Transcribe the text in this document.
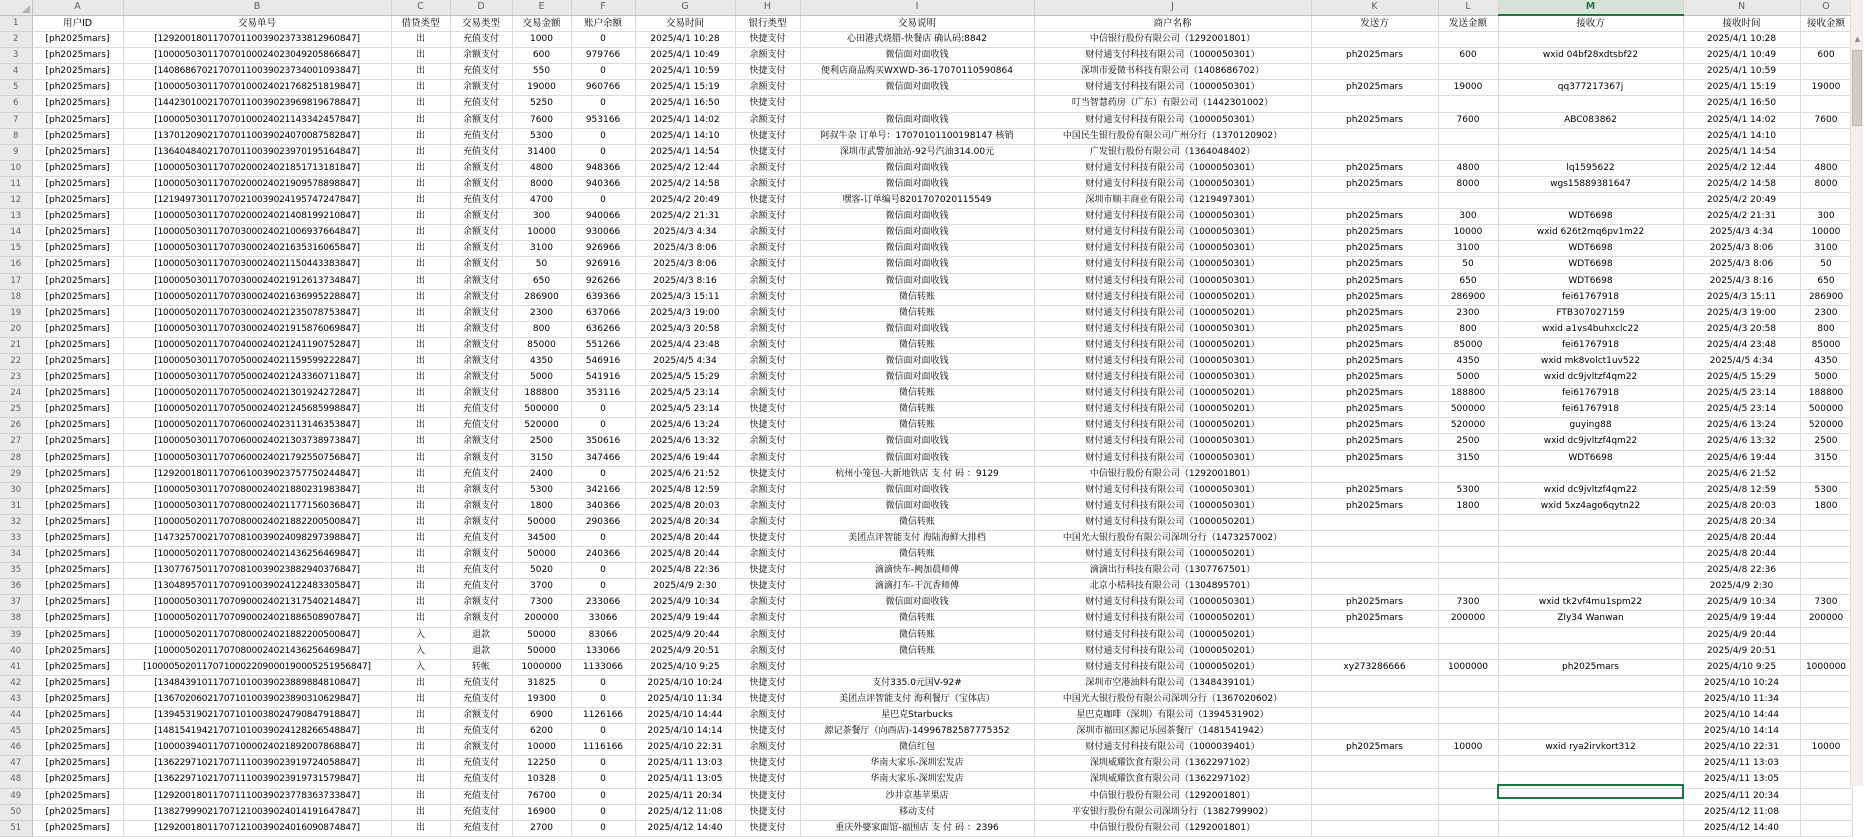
	A	B	C	D	E	F	G	H	I	J	K	L	M	N	O
1	用户ID	交易单号	借贷类型	交易类型	交易金额	账户余额	交易时间	银行类型	交易说明	商户名称	发送方	发送金额	接收方	接收时间	接收金额
2	[ph2025mars]	[129200180117070110039023733812960847]	出	充值支付	1000	0	2025/4/1 10:28	快捷支付	心田港式烧腊-快餐店 确认码:8842	中信银行股份有限公司（1292001801）				2025/4/1 10:28	
3	[ph2025mars]	[100005030117070100024023049205866847]	出	余额支付	600	979766	2025/4/1 10:49	余额支付	微信面对面收钱	财付通支付科技有限公司（1000050301）	ph2025mars	600	wxid 04bf28xdtsbf22	2025/4/1 10:49	600
4	[ph2025mars]	[140868670217070110039023734001093847]	出	充值支付	550	0	2025/4/1 10:59	快捷支付	便利店商品购买WXWD-36-17070110590864	深圳市爱微书科技有限公司（1408686702）				2025/4/1 10:59	
5	[ph2025mars]	[100005030117070100024021768251819847]	出	余额支付	19000	960766	2025/4/1 15:19	余额支付	微信面对面收钱	财付通支付科技有限公司（1000050301）	ph2025mars	19000	qq377217367j	2025/4/1 15:19	19000
6	[ph2025mars]	[144230100217070110039023969819678847]	出	充值支付	5250	0	2025/4/1 16:50	快捷支付		叮当智慧药房（广东）有限公司（1442301002）				2025/4/1 16:50	
7	[ph2025mars]	[100005030117070100024021143342457847]	出	余额支付	7600	953166	2025/4/1 14:02	余额支付	微信面对面收钱	财付通支付科技有限公司（1000050301）	ph2025mars	7600	ABC083862	2025/4/1 14:02	7600
8	[ph2025mars]	[137012090217070110039024070087582847]	出	充值支付	5300	0	2025/4/1 14:10	快捷支付	阿叔牛杂 订单号：17070101100198147 核销	中国民生银行股份有限公司广州分行（1370120902）				2025/4/1 14:10	
9	[ph2025mars]	[136404840217070110039023970195164847]	出	充值支付	31400	0	2025/4/1 14:54	快捷支付	深圳市武警加油站-92号汽油314.00元	广发银行股份有限公司（1364048402）				2025/4/1 14:54	
10	[ph2025mars]	[100005030117070200024021851713181847]	出	余额支付	4800	948366	2025/4/2 12:44	余额支付	微信面对面收钱	财付通支付科技有限公司（1000050301）	ph2025mars	4800	lq1595622	2025/4/2 12:44	4800
11	[ph2025mars]	[100005030117070200024021909578898847]	出	余额支付	8000	940366	2025/4/2 14:58	余额支付	微信面对面收钱	财付通支付科技有限公司（1000050301）	ph2025mars	8000	wgs15889381647	2025/4/2 14:58	8000
12	[ph2025mars]	[121949730117070210039024195747247847]	出	充值支付	4700	0	2025/4/2 20:49	快捷支付	嘿客-订单编号8201707020115549	深圳市顺丰商业有限公司（1219497301）				2025/4/2 20:49	
13	[ph2025mars]	[100005030117070200024021408199210847]	出	余额支付	300	940066	2025/4/2 21:31	余额支付	微信面对面收钱	财付通支付科技有限公司（1000050301）	ph2025mars	300	WDT6698	2025/4/2 21:31	300
14	[ph2025mars]	[100005030117070300024021006937664847]	出	余额支付	10000	930066	2025/4/3 4:34	余额支付	微信面对面收钱	财付通支付科技有限公司（1000050301）	ph2025mars	10000	wxid 626t2mq6pv1m22	2025/4/3 4:34	10000
15	[ph2025mars]	[100005030117070300024021635316065847]	出	余额支付	3100	926966	2025/4/3 8:06	余额支付	微信面对面收钱	财付通支付科技有限公司（1000050301）	ph2025mars	3100	WDT6698	2025/4/3 8:06	3100
16	[ph2025mars]	[100005030117070300024021150443383847]	出	余额支付	50	926916	2025/4/3 8:06	余额支付	微信面对面收钱	财付通支付科技有限公司（1000050301）	ph2025mars	50	WDT6698	2025/4/3 8:06	50
17	[ph2025mars]	[100005030117070300024021912613734847]	出	余额支付	650	926266	2025/4/3 8:16	余额支付	微信面对面收钱	财付通支付科技有限公司（1000050301）	ph2025mars	650	WDT6698	2025/4/3 8:16	650
18	[ph2025mars]	[100005020117070300024021636995228847]	出	余额支付	286900	639366	2025/4/3 15:11	余额支付	微信转账	财付通支付科技有限公司（1000050201）	ph2025mars	286900	fei61767918	2025/4/3 15:11	286900
19	[ph2025mars]	[100005020117070300024021235078753847]	出	余额支付	2300	637066	2025/4/3 19:00	余额支付	微信转账	财付通支付科技有限公司（1000050201）	ph2025mars	2300	FTB307027159	2025/4/3 19:00	2300
20	[ph2025mars]	[100005030117070300024021915876069847]	出	余额支付	800	636266	2025/4/3 20:58	余额支付	微信面对面收钱	财付通支付科技有限公司（1000050301）	ph2025mars	800	wxid a1vs4buhxclc22	2025/4/3 20:58	800
21	[ph2025mars]	[100005020117070400024021241190752847]	出	余额支付	85000	551266	2025/4/4 23:48	余额支付	微信转账	财付通支付科技有限公司（1000050201）	ph2025mars	85000	fei61767918	2025/4/4 23:48	85000
22	[ph2025mars]	[100005030117070500024021159599222847]	出	余额支付	4350	546916	2025/4/5 4:34	余额支付	微信面对面收钱	财付通支付科技有限公司（1000050301）	ph2025mars	4350	wxid mk8volct1uv522	2025/4/5 4:34	4350
23	[ph2025mars]	[100005030117070500024021243360711847]	出	余额支付	5000	541916	2025/4/5 15:29	余额支付	微信面对面收钱	财付通支付科技有限公司（1000050301）	ph2025mars	5000	wxid dc9jvltzf4qm22	2025/4/5 15:29	5000
24	[ph2025mars]	[100005020117070500024021301924272847]	出	余额支付	188800	353116	2025/4/5 23:14	余额支付	微信转账	财付通支付科技有限公司（1000050201）	ph2025mars	188800	fei61767918	2025/4/5 23:14	188800
25	[ph2025mars]	[100005020117070500024021245685998847]	出	充值支付	500000	0	2025/4/5 23:14	快捷支付	微信转账	财付通支付科技有限公司（1000050201）	ph2025mars	500000	fei61767918	2025/4/5 23:14	500000
26	[ph2025mars]	[100005020117070600024023113146353847]	出	充值支付	520000	0	2025/4/6 13:24	快捷支付	微信转账	财付通支付科技有限公司（1000050201）	ph2025mars	520000	guying88	2025/4/6 13:24	520000
27	[ph2025mars]	[100005030117070600024021303738973847]	出	余额支付	2500	350616	2025/4/6 13:32	余额支付	微信面对面收钱	财付通支付科技有限公司（1000050301）	ph2025mars	2500	wxid dc9jvltzf4qm22	2025/4/6 13:32	2500
28	[ph2025mars]	[100005030117070600024021792550756847]	出	余额支付	3150	347466	2025/4/6 19:44	余额支付	微信面对面收钱	财付通支付科技有限公司（1000050301）	ph2025mars	3150	WDT6698	2025/4/6 19:44	3150
29	[ph2025mars]	[129200180117070610039023757750244847]	出	充值支付	2400	0	2025/4/6 21:52	快捷支付	杭州小笼包-大新地铁店 支 付 码 ：9129	中信银行股份有限公司（1292001801）				2025/4/6 21:52	
30	[ph2025mars]	[100005030117070800024021880231983847]	出	余额支付	5300	342166	2025/4/8 12:59	余额支付	微信面对面收钱	财付通支付科技有限公司（1000050301）	ph2025mars	5300	wxid dc9jvltzf4qm22	2025/4/8 12:59	5300
31	[ph2025mars]	[100005030117070800024021177156036847]	出	余额支付	1800	340366	2025/4/8 20:03	余额支付	微信面对面收钱	财付通支付科技有限公司（1000050301）	ph2025mars	1800	wxid 5xz4ago6qytn22	2025/4/8 20:03	1800
32	[ph2025mars]	[100005020117070800024021882200500847]	出	余额支付	50000	290366	2025/4/8 20:34	余额支付	微信转账	财付通支付科技有限公司（1000050201）				2025/4/8 20:34	
33	[ph2025mars]	[147325700217070810039024098297398847]	出	充值支付	34500	0	2025/4/8 20:44	快捷支付	美团点评智能支付 海陆海鲜大排档	中国光大银行股份有限公司深圳分行（1473257002）				2025/4/8 20:44	
34	[ph2025mars]	[100005020117070800024021436256469847]	出	余额支付	50000	240366	2025/4/8 20:44	余额支付	微信转账	财付通支付科技有限公司（1000050201）				2025/4/8 20:44	
35	[ph2025mars]	[130776750117070810039023882940376847]	出	充值支付	5020	0	2025/4/8 22:36	快捷支付	滴滴快车-阙加晨师傅	滴滴出行科技有限公司（1307767501）				2025/4/8 22:36	
36	[ph2025mars]	[130489570117070910039024122483305847]	出	充值支付	3700	0	2025/4/9 2:30	快捷支付	滴滴打车-干沉香师傅	北京小桔科技有限公司（1304895701）				2025/4/9 2:30	
37	[ph2025mars]	[100005030117070900024021317540214847]	出	余额支付	7300	233066	2025/4/9 10:34	余额支付	微信面对面收钱	财付通支付科技有限公司（1000050301）	ph2025mars	7300	wxid tk2vf4mu1spm22	2025/4/9 10:34	7300
38	[ph2025mars]	[100005020117070900024021886508907847]	出	余额支付	200000	33066	2025/4/9 19:44	余额支付	微信转账	财付通支付科技有限公司（1000050201）	ph2025mars	200000	Zly34 Wanwan	2025/4/9 19:44	200000
39	[ph2025mars]	[100005020117070800024021882200500847]	入	退款	50000	83066	2025/4/9 20:44	余额支付	微信转账	财付通支付科技有限公司（1000050201）				2025/4/9 20:44	
40	[ph2025mars]	[100005020117070800024021436256469847]	入	退款	50000	133066	2025/4/9 20:51	余额支付	微信转账	财付通支付科技有限公司（1000050201）				2025/4/9 20:51	
41	[ph2025mars]	[1000050201170710002209000190005251956847]	入	转帐	1000000	1133066	2025/4/10 9:25	余额支付		财付通支付科技有限公司（1000050201）	xy273286666	1000000	ph2025mars	2025/4/10 9:25	1000000
42	[ph2025mars]	[134843910117071010039023889884810847]	出	充值支付	31825	0	2025/4/10 10:24	快捷支付	支付335.0元国V-92#	深圳市空港油料有限公司（1348439101）				2025/4/10 10:24	
43	[ph2025mars]	[136702060217071010039023890310629847]	出	充值支付	19300	0	2025/4/10 11:34	快捷支付	美团点评智能支付 海利餐厅（宝体店）	中国光大银行股份有限公司深圳分行（1367020602）				2025/4/10 11:34	
44	[ph2025mars]	[139453190217071010038024790847918847]	出	余额支付	6900	1126166	2025/4/10 14:44	余额支付	星巴克Starbucks	星巴克咖啡（深圳）有限公司（1394531902）				2025/4/10 14:44	
45	[ph2025mars]	[148154194217071010039024128266548847]	出	充值支付	6200	0	2025/4/10 14:14	快捷支付	源记茶餐厅（向西店)-14996782587775352	深圳市福田区源记乐园茶餐厅（1481541942）				2025/4/10 14:14	
46	[ph2025mars]	[100003940117071000024021892007868847]	出	余额支付	10000	1116166	2025/4/10 22:31	余额支付	微信红包	财付通支付科技有限公司（1000039401）	ph2025mars	10000	wxid rya2irvkort312	2025/4/10 22:31	10000
47	[ph2025mars]	[136229710217071110039023919724058847]	出	充值支付	12250	0	2025/4/11 13:03	快捷支付	华南大家乐-深圳宏发店	深圳威耀饮食有限公司（1362297102）				2025/4/11 13:03	
48	[ph2025mars]	[136229710217071110039023919731579847]	出	充值支付	10328	0	2025/4/11 13:05	快捷支付	华南大家乐-深圳宏发店	深圳威耀饮食有限公司（1362297102）				2025/4/11 13:05	
49	[ph2025mars]	[129200180117071110039023778363733847]	出	充值支付	76700	0	2025/4/11 20:34	快捷支付	沙井京基苹果店	中信银行股份有限公司（1292001801）				2025/4/11 20:34	
50	[ph2025mars]	[138279990217071210039024014191647847]	出	充值支付	16900	0	2025/4/12 11:08	快捷支付	移动支付	平安银行股份有限公司深圳分行（1382799902）				2025/4/12 11:08	
51	[ph2025mars]	[129200180117071210039024016090874847]	出	充值支付	2700	0	2025/4/12 14:40	快捷支付	重庆外婆家面馆-福围店 支 付 码 ：2396	中信银行股份有限公司（1292001801）				2025/4/12 14:40	
▲
